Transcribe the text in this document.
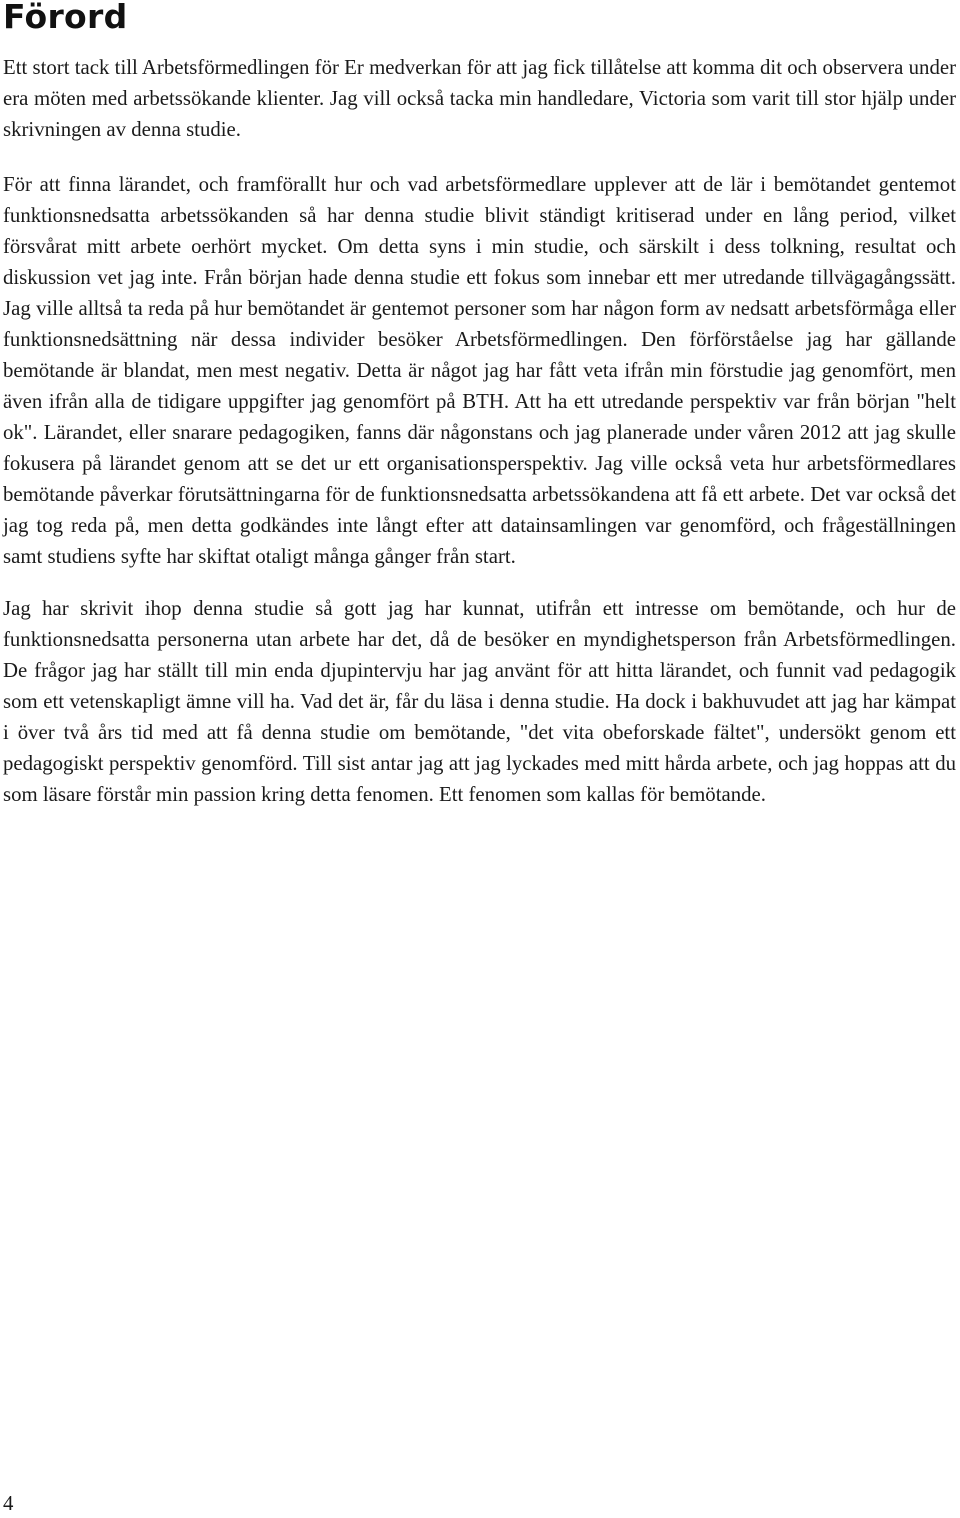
Förord

Ett stort tack till Arbetsförmedlingen för Er medverkan för att jag fick tillåtelse att komma dit och observera under era möten med arbetssökande klienter. Jag vill också tacka min handledare, Victoria som varit till stor hjälp under skrivningen av denna studie.

För att finna lärandet, och framförallt hur och vad arbetsförmedlare upplever att de lär i bemötandet gentemot funktionsnedsatta arbetssökanden så har denna studie blivit ständigt kritiserad under en lång period, vilket försvårat mitt arbete oerhört mycket. Om detta syns i min studie, och särskilt i dess tolkning, resultat och diskussion vet jag inte. Från början hade denna studie ett fokus som innebar ett mer utredande tillvägagångssätt. Jag ville alltså ta reda på hur bemötandet är gentemot personer som har någon form av nedsatt arbetsförmåga eller funktionsnedsättning när dessa individer besöker Arbetsförmedlingen. Den förförståelse jag har gällande bemötande är blandat, men mest negativ. Detta är något jag har fått veta ifrån min förstudie jag genomfört, men även ifrån alla de tidigare uppgifter jag genomfört på BTH. Att ha ett utredande perspektiv var från början "helt ok". Lärandet, eller snarare pedagogiken, fanns där någonstans och jag planerade under våren 2012 att jag skulle fokusera på lärandet genom att se det ur ett organisationsperspektiv. Jag ville också veta hur arbetsförmedlares bemötande påverkar förutsättningarna för de funktionsnedsatta arbetssökandena att få ett arbete. Det var också det jag tog reda på, men detta godkändes inte långt efter att datainsamlingen var genomförd, och frågeställningen samt studiens syfte har skiftat otaligt många gånger från start.

Jag har skrivit ihop denna studie så gott jag har kunnat, utifrån ett intresse om bemötande, och hur de funktionsnedsatta personerna utan arbete har det, då de besöker en myndighetsperson från Arbetsförmedlingen. De frågor jag har ställt till min enda djupintervju har jag använt för att hitta lärandet, och funnit vad pedagogik som ett vetenskapligt ämne vill ha. Vad det är, får du läsa i denna studie. Ha dock i bakhuvudet att jag har kämpat i över två års tid med att få denna studie om bemötande, "det vita obeforskade fältet", undersökt genom ett pedagogiskt perspektiv genomförd. Till sist antar jag att jag lyckades med mitt hårda arbete, och jag hoppas att du som läsare förstår min passion kring detta fenomen. Ett fenomen som kallas för bemötande.

4
